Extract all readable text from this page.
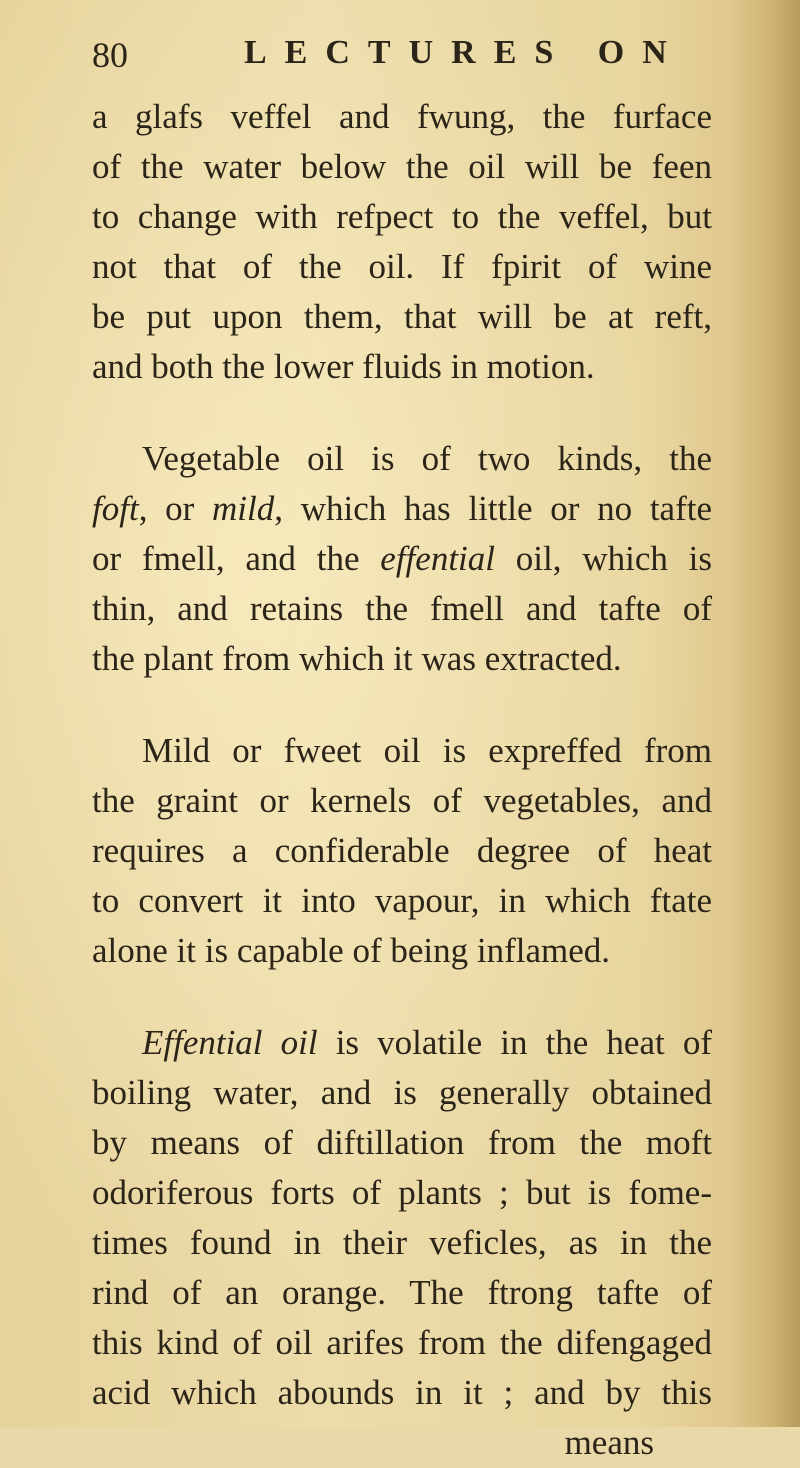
80	LECTURES ON
a glafs veffel and fwung, the furface
of the water below the oil will be feen
to change with refpect to the veffel, but
not that of the oil. If fpirit of wine
be put upon them, that will be at reft,
and both the lower fluids in motion.
Vegetable oil is of two kinds, the
foft, or mild, which has little or no tafte
or fmell, and the effential oil, which is
thin, and retains the fmell and tafte of
the plant from which it was extracted.
Mild or fweet oil is expreffed from
the graint or kernels of vegetables, and
requires a confiderable degree of heat
to convert it into vapour, in which ftate
alone it is capable of being inflamed.
Effential oil is volatile in the heat of
boiling water, and is generally obtained
by means of diftillation from the moft
odoriferous forts of plants ; but is fome-
times found in their veficles, as in the
rind of an orange. The ftrong tafte of
this kind of oil arifes from the difengaged
acid which abounds in it ; and by this
means
